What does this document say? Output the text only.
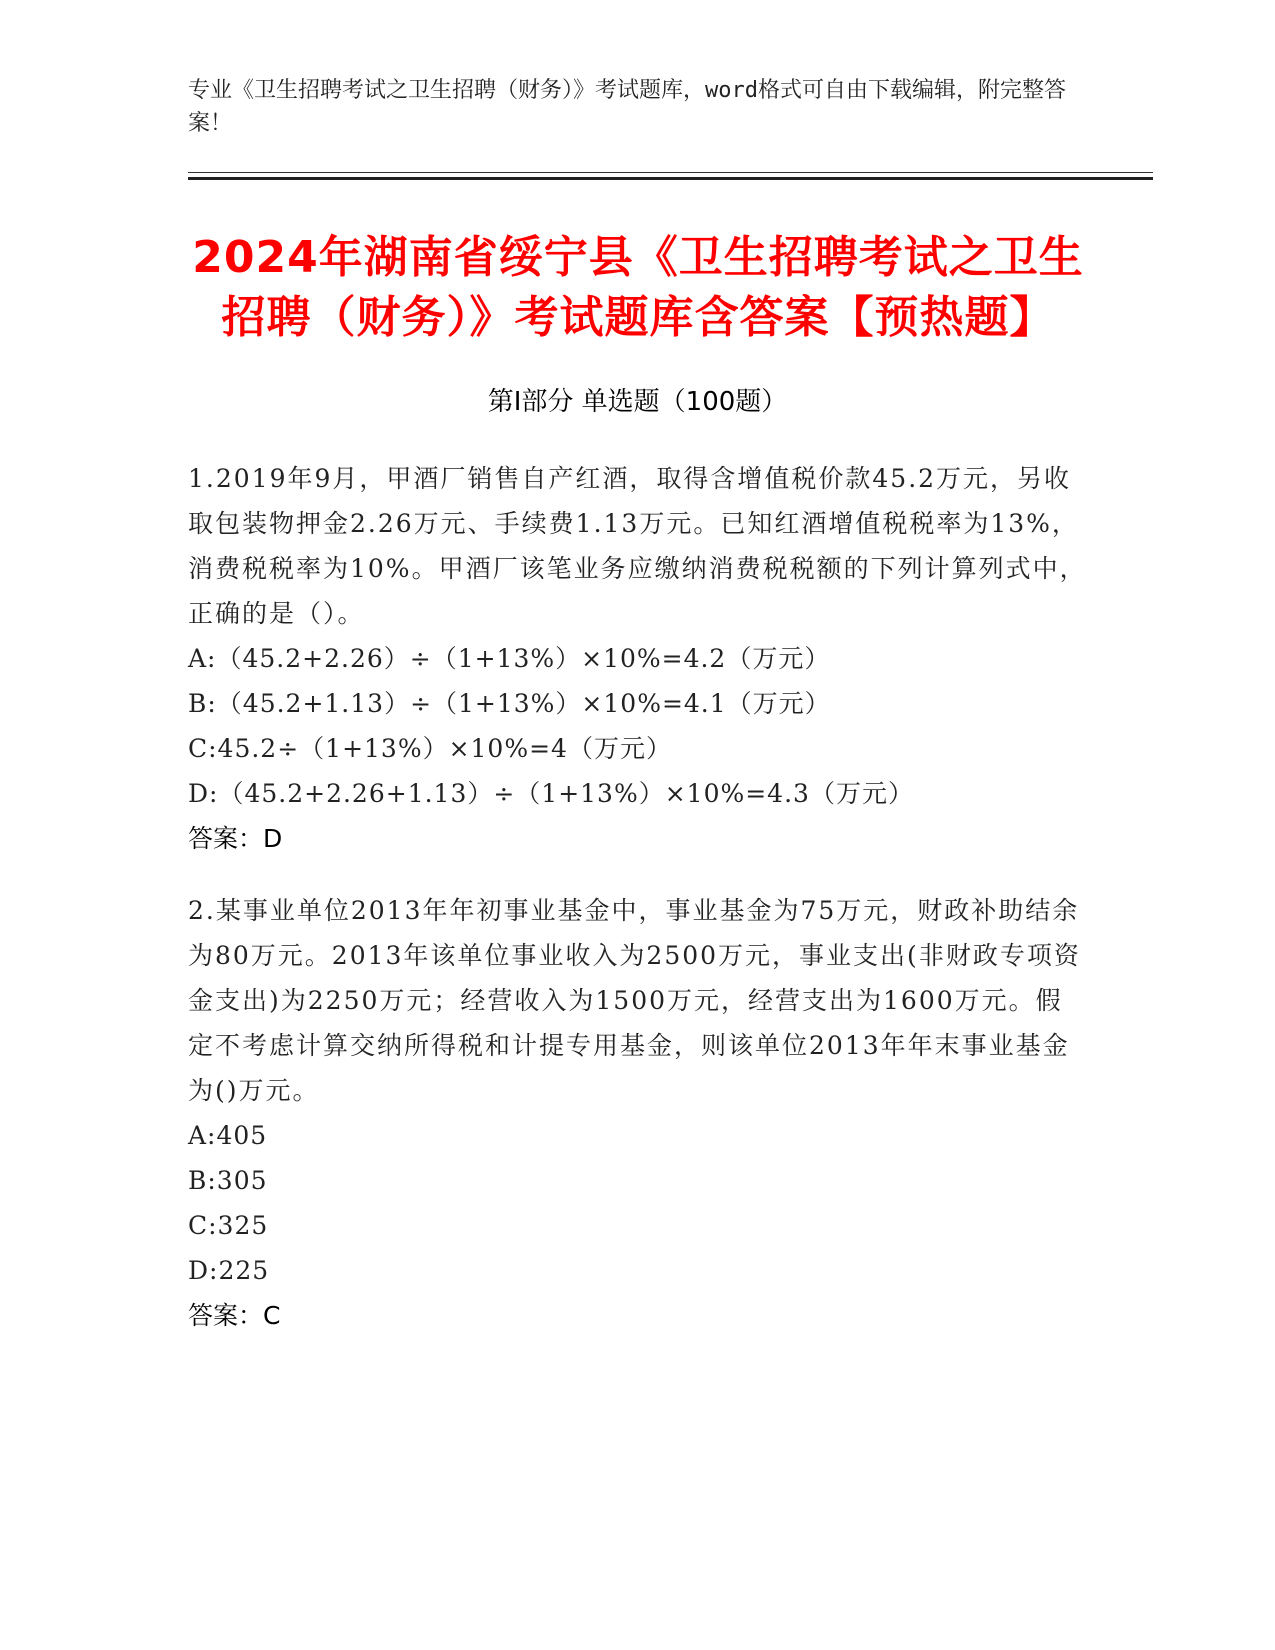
专业《卫生招聘考试之卫生招聘（财务）》考试题库，word格式可自由下载编辑，附完整答案！
2024年湖南省绥宁县《卫生招聘考试之卫生招聘（财务）》考试题库含答案【预热题】
第I部分 单选题（100题）

1.2019年9月，甲酒厂销售自产红酒，取得含增值税价款45.2万元，另收取包装物押金2.26万元、手续费1.13万元。已知红酒增值税税率为13%，消费税税率为10%。甲酒厂该笔业务应缴纳消费税税额的下列计算列式中，正确的是（）。

A:（45.2+2.26）÷（1+13%）×10%=4.2（万元）

B:（45.2+1.13）÷（1+13%）×10%=4.1（万元）

C:45.2÷（1+13%）×10%=4（万元）

D:（45.2+2.26+1.13）÷（1+13%）×10%=4.3（万元）

答案：D

2.某事业单位2013年年初事业基金中，事业基金为75万元，财政补助结余为80万元。2013年该单位事业收入为2500万元，事业支出(非财政专项资金支出)为2250万元；经营收入为1500万元，经营支出为1600万元。假定不考虑计算交纳所得税和计提专用基金，则该单位2013年年末事业基金为()万元。

A:405

B:305

C:325

D:225

答案：C
